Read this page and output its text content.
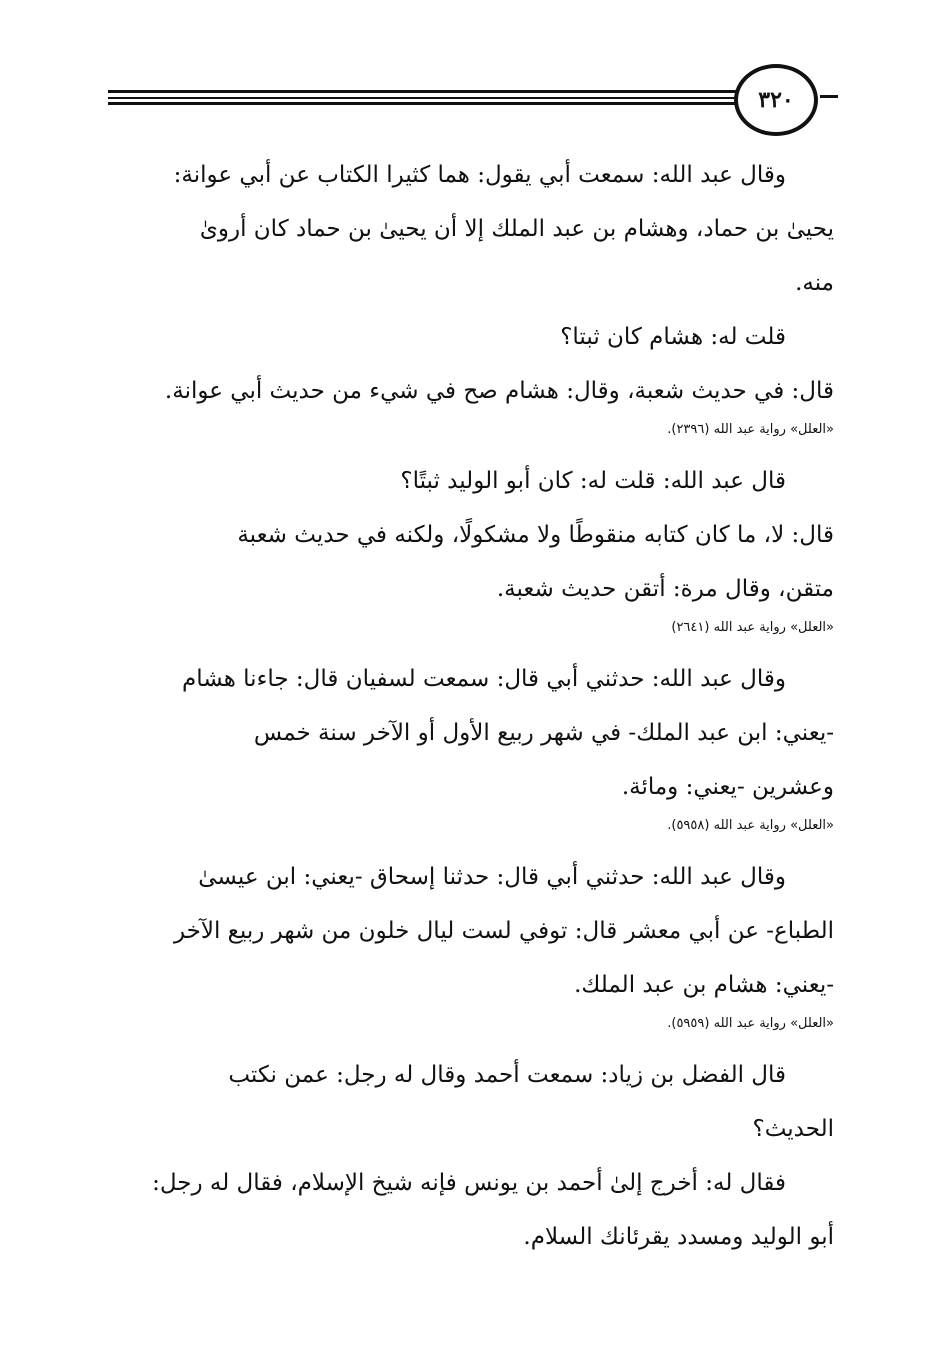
٣٢٠

وقال عبد الله: سمعت أبي يقول: هما كثيرا الكتاب عن أبي عوانة:
يحيىٰ بن حماد، وهشام بن عبد الملك إلا أن يحيىٰ بن حماد كان أروىٰ
منه.

قلت له: هشام كان ثبتا؟

قال: في حديث شعبة، وقال: هشام صح في شيء من حديث أبي عوانة.

«العلل» رواية عبد الله (٢٣٩٦).

قال عبد الله: قلت له: كان أبو الوليد ثبتًا؟

قال: لا، ما كان كتابه منقوطًا ولا مشكولًا، ولكنه في حديث شعبة
متقن، وقال مرة: أتقن حديث شعبة.

«العلل» رواية عبد الله (٢٦٤١)

وقال عبد الله: حدثني أبي قال: سمعت لسفيان قال: جاءنا هشام
-يعني: ابن عبد الملك- في شهر ربيع الأول أو الآخر سنة خمس
وعشرين -يعني: ومائة.

«العلل» رواية عبد الله (٥٩٥٨).

وقال عبد الله: حدثني أبي قال: حدثنا إسحاق -يعني: ابن عيسىٰ
الطباع- عن أبي معشر قال: توفي لست ليال خلون من شهر ربيع الآخر
-يعني: هشام بن عبد الملك.

«العلل» رواية عبد الله (٥٩٥٩).

قال الفضل بن زياد: سمعت أحمد وقال له رجل: عمن نكتب
الحديث؟

فقال له: أخرج إلىٰ أحمد بن يونس فإنه شيخ الإسلام، فقال له رجل:
أبو الوليد ومسدد يقرئانك السلام.
